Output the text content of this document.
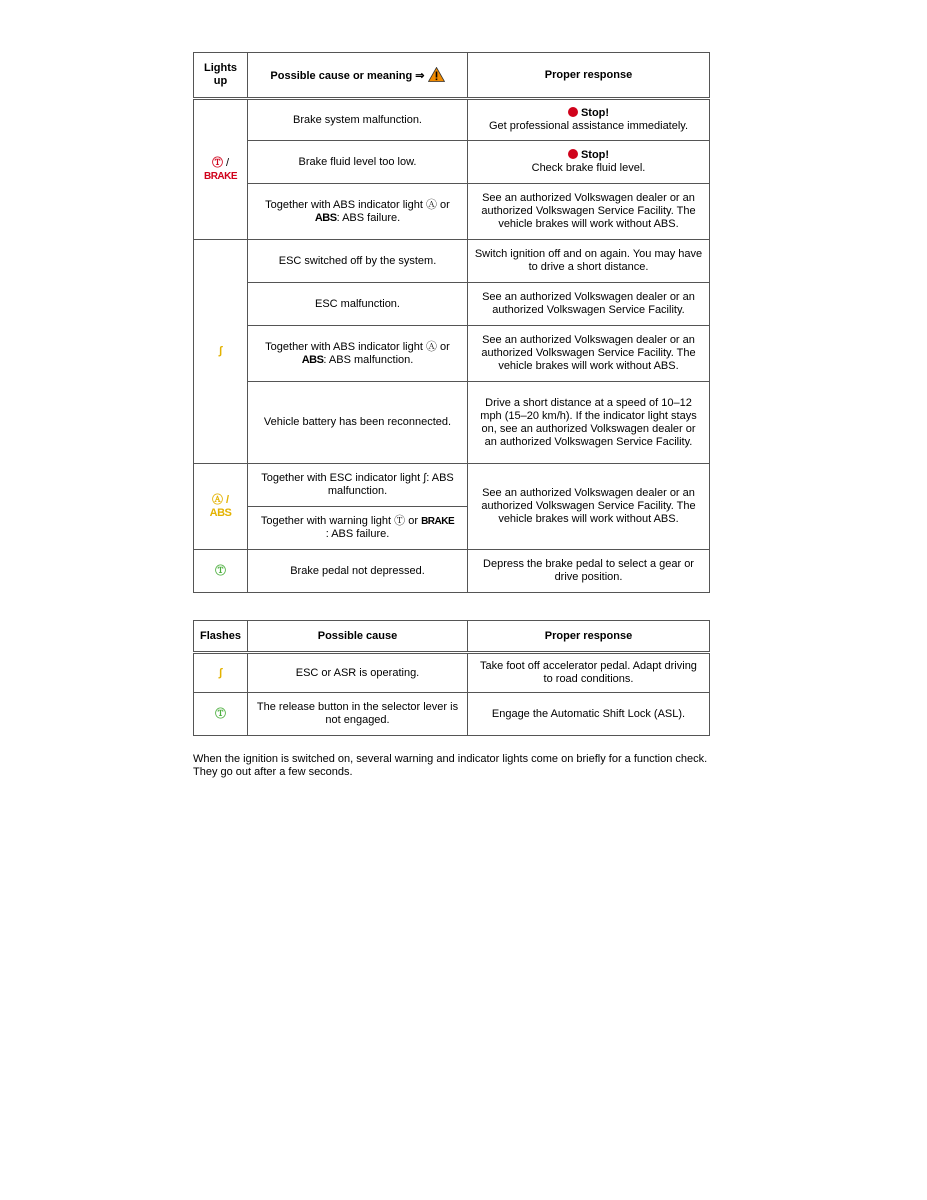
Lights up	Possible cause or meaning ⇒	Proper response
Ⓣ / BRAKE	Brake system malfunction.	Stop!
Get professional assistance immediately.
	Brake fluid level too low.	Stop!
Check brake fluid level.
	Together with ABS indicator light Ⓐ or
ABS: ABS failure.	See an authorized Volkswagen dealer or an authorized Volkswagen Service Facility. The vehicle brakes will work without ABS.
∫	ESC switched off by the system.	Switch ignition off and on again. You may have to drive a short distance.
	ESC malfunction.	See an authorized Volkswagen dealer or an authorized Volkswagen Service Facility.
	Together with ABS indicator light Ⓐ or
ABS: ABS malfunction.	See an authorized Volkswagen dealer or an authorized Volkswagen Service Facility. The vehicle brakes will work without ABS.
	Vehicle battery has been reconnected.	Drive a short distance at a speed of 10–12 mph (15–20 km/h). If the indicator light stays on, see an authorized Volkswagen dealer or an authorized Volkswagen Service Facility.
Ⓐ / ABS	Together with ESC indicator light ∫: ABS malfunction.	See an authorized Volkswagen dealer or an authorized Volkswagen Service Facility. The vehicle brakes will work without ABS.
	Together with warning light Ⓣ or BRAKE
: ABS failure.	
Ⓣ	Brake pedal not depressed.	Depress the brake pedal to select a gear or drive position.
Flashes	Possible cause	Proper response
∫	ESC or ASR is operating.	Take foot off accelerator pedal. Adapt driving to road conditions.
Ⓣ	The release button in the selector lever is not engaged.	Engage the Automatic Shift Lock (ASL).

When the ignition is switched on, several warning and indicator lights come on briefly for a function check. They go out after a few seconds.
